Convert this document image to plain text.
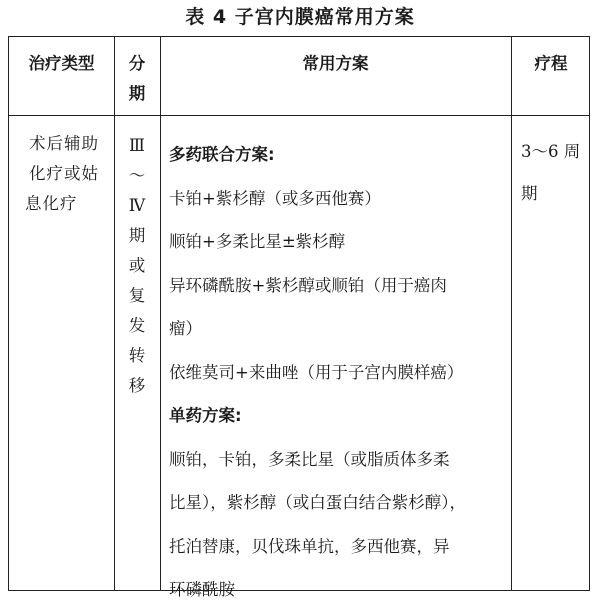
表 4 子宫内膜癌常用方案
治疗类型	分
期
常用方案	疗程
术后辅助
化疗或姑
息化疗
Ⅲ
～
Ⅳ
期
或
复
发
转
移
多药联合方案:
卡铂+紫杉醇（或多西他赛）
顺铂+多柔比星±紫杉醇
异环磷酰胺+紫杉醇或顺铂（用于癌肉
瘤）
依维莫司+来曲唑（用于子宫内膜样癌）
单药方案:
顺铂，卡铂，多柔比星（或脂质体多柔
比星），紫杉醇（或白蛋白结合紫杉醇），
托泊替康，贝伐珠单抗，多西他赛，异
环磷酰胺
3～6 周
期
